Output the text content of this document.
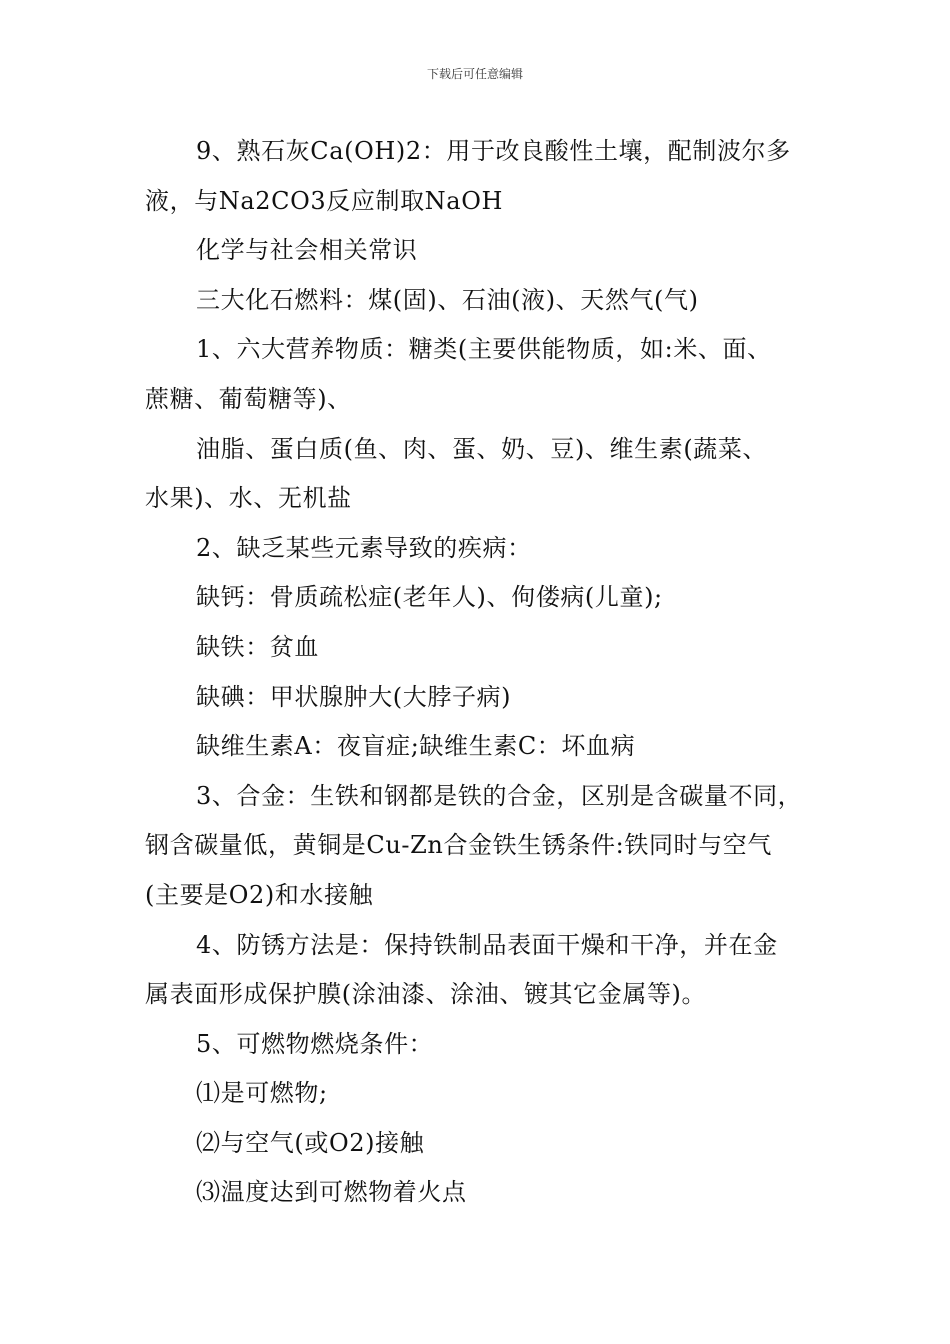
下载后可任意编辑

9、熟石灰Ca(OH)2：用于改良酸性土壤，配制波尔多
液，与Na2CO3反应制取NaOH

化学与社会相关常识

三大化石燃料：煤(固)、石油(液)、天然气(气)

1、六大营养物质：糖类(主要供能物质，如:米、面、
蔗糖、葡萄糖等)、

油脂、蛋白质(鱼、肉、蛋、奶、豆)、维生素(蔬菜、
水果)、水、无机盐

2、缺乏某些元素导致的疾病：

缺钙：骨质疏松症(老年人)、佝偻病(儿童);

缺铁：贫血

缺碘：甲状腺肿大(大脖子病)

缺维生素A：夜盲症;缺维生素C：坏血病

3、合金：生铁和钢都是铁的合金，区别是含碳量不同，
钢含碳量低，黄铜是Cu-Zn合金铁生锈条件:铁同时与空气
(主要是O2)和水接触

4、防锈方法是：保持铁制品表面干燥和干净，并在金
属表面形成保护膜(涂油漆、涂油、镀其它金属等)。

5、可燃物燃烧条件：

⑴是可燃物;

⑵与空气(或O2)接触

⑶温度达到可燃物着火点
